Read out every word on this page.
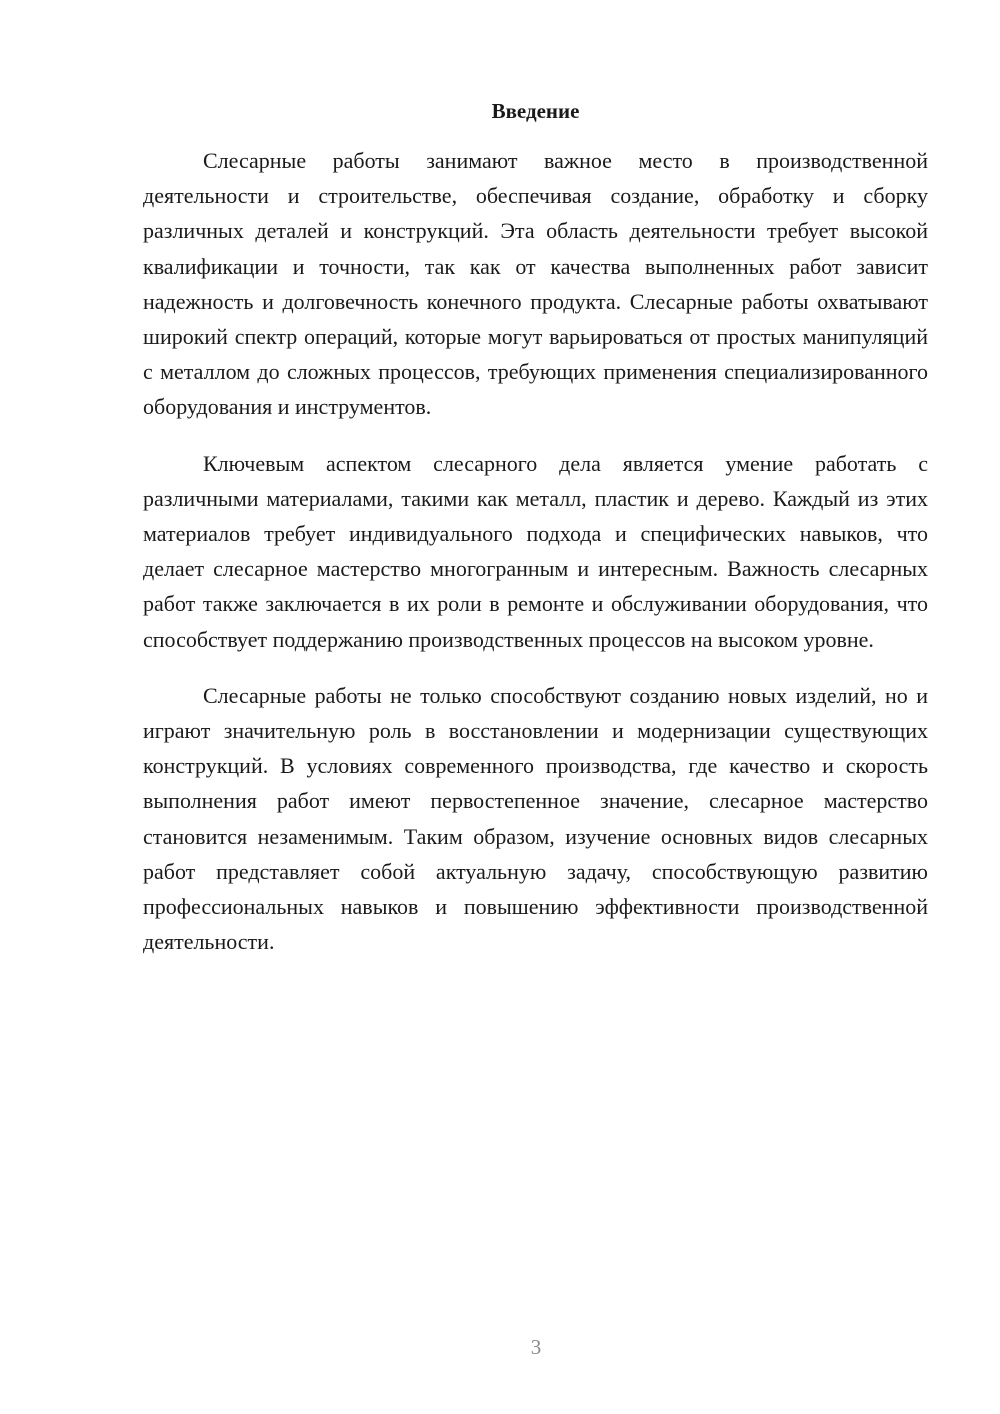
Введение

Слесарные работы занимают важное место в производственной деятельности и строительстве, обеспечивая создание, обработку и сборку различных деталей и конструкций. Эта область деятельности требует высокой квалификации и точности, так как от качества выполненных работ зависит надежность и долговечность конечного продукта. Слесарные работы охватывают широкий спектр операций, которые могут варьироваться от простых манипуляций с металлом до сложных процессов, требующих применения специализированного оборудования и инструментов.

Ключевым аспектом слесарного дела является умение работать с различными материалами, такими как металл, пластик и дерево. Каждый из этих материалов требует индивидуального подхода и специфических навыков, что делает слесарное мастерство многогранным и интересным. Важность слесарных работ также заключается в их роли в ремонте и обслуживании оборудования, что способствует поддержанию производственных процессов на высоком уровне.

Слесарные работы не только способствуют созданию новых изделий, но и играют значительную роль в восстановлении и модернизации существующих конструкций. В условиях современного производства, где качество и скорость выполнения работ имеют первостепенное значение, слесарное мастерство становится незаменимым. Таким образом, изучение основных видов слесарных работ представляет собой актуальную задачу, способствующую развитию профессиональных навыков и повышению эффективности производственной деятельности.

3
